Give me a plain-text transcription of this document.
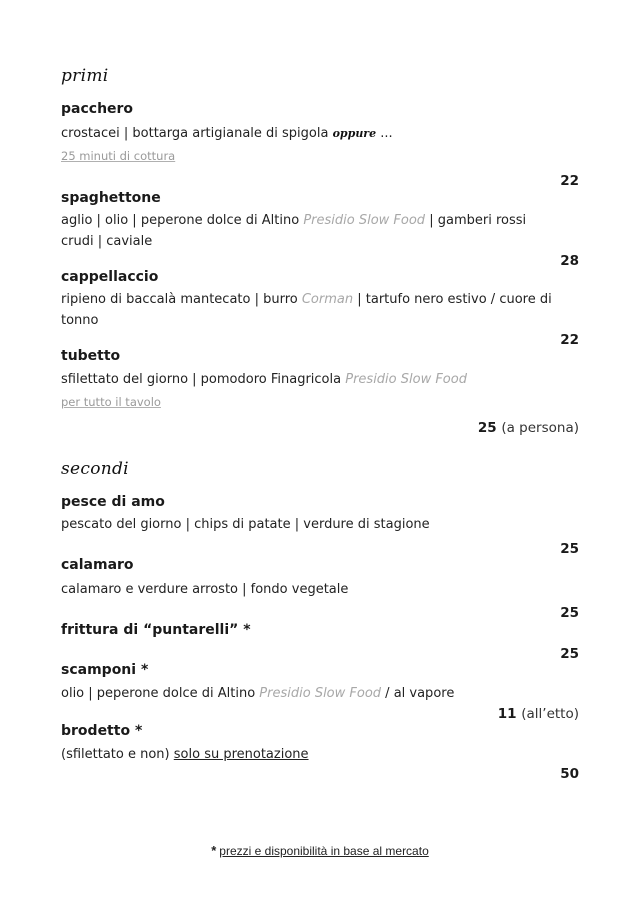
primi
pacchero
crostacei | bottarga artigianale di spigola oppure ...
25 minuti di cottura
22
spaghettone
aglio | olio | peperone dolce di Altino Presidio Slow Food | gamberi rossi crudi | caviale
28
cappellaccio
ripieno di baccalà mantecato | burro Corman | tartufo nero estivo / cuore di tonno
22
tubetto
sfilettato del giorno | pomodoro Finagricola Presidio Slow Food
per tutto il tavolo
25 (a persona)
secondi
pesce di amo
pescato del giorno | chips di patate | verdure di stagione
25
calamaro
calamaro e verdure arrosto | fondo vegetale
25
frittura di “puntarelli” *
25
scamponi *
olio | peperone dolce di Altino Presidio Slow Food / al vapore
11 (all’etto)
brodetto *
(sfilettato e non) solo su prenotazione
50
* prezzi e disponibilità in base al mercato
